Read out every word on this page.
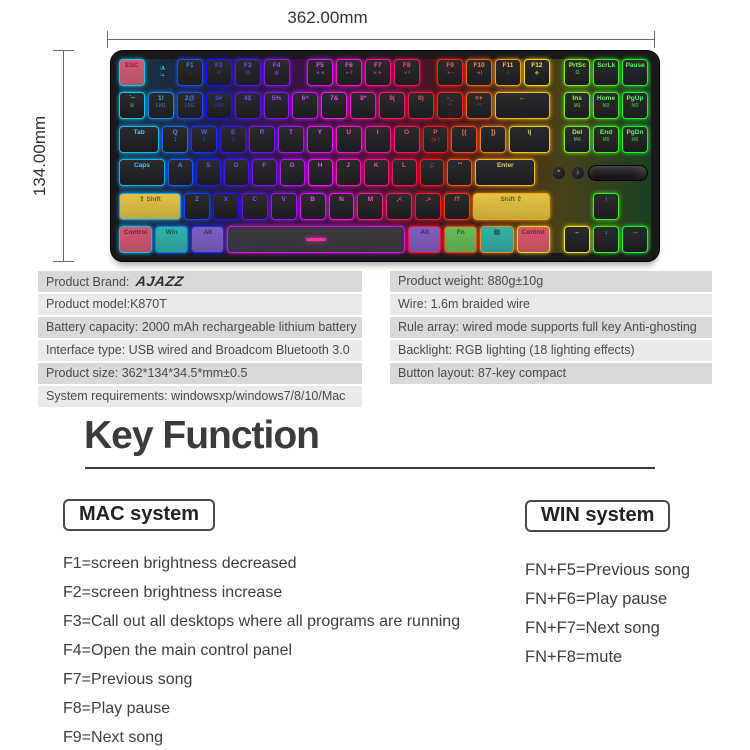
362.00mm
134.00mm
ESC	∶A
∶+
F1
☼
F2
☀
F3
▤
F4
▦
F5
◄◄
F6
►‖
F7
►►
F8
◄×
F9
►▪
F10
◄)
F11
⌂
F12
◆
PrtSc
Ω
ScrLk Pause
`~
⚙
1!
LM1
2@
LM2
3#
LM3
4$	5%	6^	7&	8*	9(	0)	-_
◠
=+
◠
←	Ins
M1
Home
M2
PgUp
M3
Tab	Q
1
W
2
E
3
R	T	Y	U	I	O	P
(►)
[{	]}	\|	Del
M4
End
M5
PgDn
M6
Caps	A	S	D	F	G	H	J	K	L	;:	'"	Enter
*	♪
⇧ Shift	Z	X	C	V	B	N	M	,<	.>	/?	Shift ⇧	↑
Control	Win	Alt	Alt	Fn	▤	Control	←	↓	→
Product Brand: AJAZZ
Product model:K870T
Battery capacity: 2000 mAh rechargeable lithium battery
Interface type: USB wired and Broadcom Bluetooth 3.0
Product size: 362*134*34.5*mm±0.5
System requirements: windowsxp/windows7/8/10/Mac
Product weight: 880g±10g
Wire: 1.6m braided wire
Rule array: wired mode supports full key Anti-ghosting
Backlight: RGB lighting (18 lighting effects)
Button layout: 87-key compact
Key Function
MAC system	WIN system
F1=screen brightness decreased
F2=screen brightness increase
F3=Call out all desktops where all programs are running
F4=Open the main control panel
F7=Previous song
F8=Play pause
F9=Next song
FN+F5=Previous song
FN+F6=Play pause
FN+F7=Next song
FN+F8=mute
